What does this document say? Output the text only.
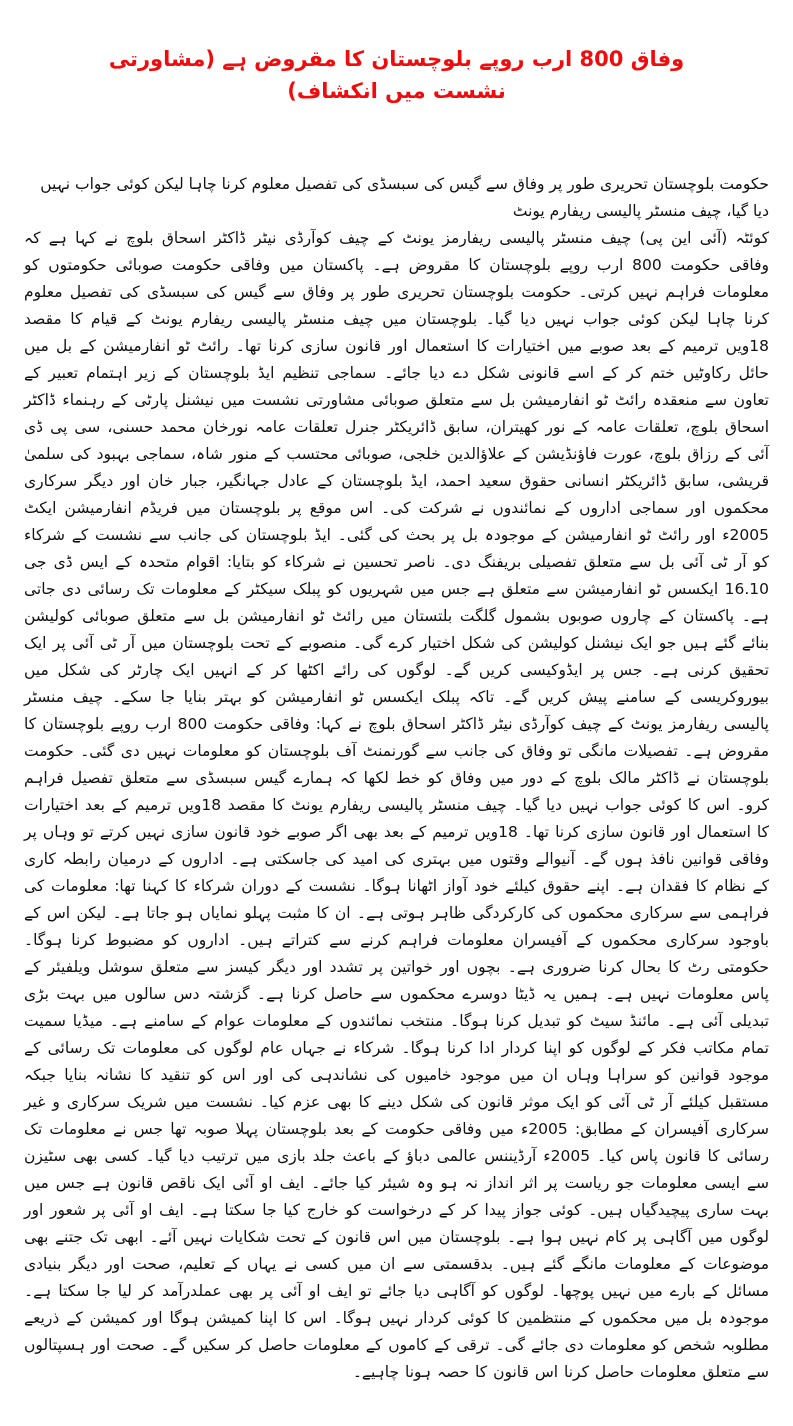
وفاق 800 ارب روپے بلوچستان کا مقروض ہے (مشاورتی نشست میں انکشاف)

حکومت بلوچستان تحریری طور پر وفاق سے گیس کی سبسڈی کی تفصیل معلوم کرنا چاہا لیکن کوئی جواب نہیں دیا گیا، چیف منسٹر پالیسی ریفارم یونٹ

کوئٹہ (آئی این پی) چیف منسٹر پالیسی ریفارمز یونٹ کے چیف کوآرڈی نیٹر ڈاکٹر اسحاق بلوچ نے کہا ہے کہ وفاقی حکومت 800 ارب روپے بلوچستان کا مقروض ہے۔ پاکستان میں وفاقی حکومت صوبائی حکومتوں کو معلومات فراہم نہیں کرتی۔ حکومت بلوچستان تحریری طور پر وفاق سے گیس کی سبسڈی کی تفصیل معلوم کرنا چاہا لیکن کوئی جواب نہیں دیا گیا۔ بلوچستان میں چیف منسٹر پالیسی ریفارم یونٹ کے قیام کا مقصد 18ویں ترمیم کے بعد صوبے میں اختیارات کا استعمال اور قانون سازی کرنا تھا۔ رائٹ ٹو انفارمیشن کے بل میں حائل رکاوٹیں ختم کر کے اسے قانونی شکل دے دیا جائے۔ سماجی تنظیم ایڈ بلوچستان کے زیر اہتمام تعبیر کے تعاون سے منعقدہ رائٹ ٹو انفارمیشن بل سے متعلق صوبائی مشاورتی نشست میں نیشنل پارٹی کے رہنماء ڈاکٹر اسحاق بلوچ، تعلقات عامہ کے نور کھیتران، سابق ڈائریکٹر جنرل تعلقات عامہ نورخان محمد حسنی، سی پی ڈی آئی کے رزاق بلوچ، عورت فاؤنڈیشن کے علاؤالدین خلجی، صوبائی محتسب کے منور شاہ، سماجی بہبود کی سلمیٰ قریشی، سابق ڈائریکٹر انسانی حقوق سعید احمد، ایڈ بلوچستان کے عادل جہانگیر، جبار خان اور دیگر سرکاری محکموں اور سماجی اداروں کے نمائندوں نے شرکت کی۔ اس موقع پر بلوچستان میں فریڈم انفارمیشن ایکٹ 2005ء اور رائٹ ٹو انفارمیشن کے موجودہ بل پر بحث کی گئی۔ ایڈ بلوچستان کی جانب سے نشست کے شرکاء کو آر ٹی آئی بل سے متعلق تفصیلی بریفنگ دی۔ ناصر تحسین نے شرکاء کو بتایا: اقوام متحدہ کے ایس ڈی جی 16.10 ایکسس ٹو انفارمیشن سے متعلق ہے جس میں شہریوں کو پبلک سیکٹر کے معلومات تک رسائی دی جاتی ہے۔ پاکستان کے چاروں صوبوں بشمول گلگت بلتستان میں رائٹ ٹو انفارمیشن بل سے متعلق صوبائی کولیشن بنائے گئے ہیں جو ایک نیشنل کولیشن کی شکل اختیار کرے گی۔ منصوبے کے تحت بلوچستان میں آر ٹی آئی پر ایک تحقیق کرنی ہے۔ جس پر ایڈوکیسی کریں گے۔ لوگوں کی رائے اکٹھا کر کے انہیں ایک چارٹر کی شکل میں بیوروکریسی کے سامنے پیش کریں گے۔ تاکہ پبلک ایکسس ٹو انفارمیشن کو بہتر بنایا جا سکے۔ چیف منسٹر پالیسی ریفارمز یونٹ کے چیف کوآرڈی نیٹر ڈاکٹر اسحاق بلوچ نے کہا: وفاقی حکومت 800 ارب روپے بلوچستان کا مقروض ہے۔ تفصیلات مانگی تو وفاق کی جانب سے گورنمنٹ آف بلوچستان کو معلومات نہیں دی گئی۔ حکومت بلوچستان نے ڈاکٹر مالک بلوچ کے دور میں وفاق کو خط لکھا کہ ہمارے گیس سبسڈی سے متعلق تفصیل فراہم کرو۔ اس کا کوئی جواب نہیں دیا گیا۔ چیف منسٹر پالیسی ریفارم یونٹ کا مقصد 18ویں ترمیم کے بعد اختیارات کا استعمال اور قانون سازی کرنا تھا۔ 18ویں ترمیم کے بعد بھی اگر صوبے خود قانون سازی نہیں کرتے تو وہاں پر وفاقی قوانین نافذ ہوں گے۔ آنیوالے وقتوں میں بہتری کی امید کی جاسکتی ہے۔ اداروں کے درمیان رابطہ کاری کے نظام کا فقدان ہے۔ اپنے حقوق کیلئے خود آواز اٹھانا ہوگا۔ نشست کے دوران شرکاء کا کہنا تھا: معلومات کی فراہمی سے سرکاری محکموں کی کارکردگی ظاہر ہوتی ہے۔ ان کا مثبت پہلو نمایاں ہو جاتا ہے۔ لیکن اس کے باوجود سرکاری محکموں کے آفیسران معلومات فراہم کرنے سے کتراتے ہیں۔ اداروں کو مضبوط کرنا ہوگا۔ حکومتی رٹ کا بحال کرنا ضروری ہے۔ بچوں اور خواتین پر تشدد اور دیگر کیسز سے متعلق سوشل ویلفیئر کے پاس معلومات نہیں ہے۔ ہمیں یہ ڈیٹا دوسرے محکموں سے حاصل کرنا ہے۔ گزشتہ دس سالوں میں بہت بڑی تبدیلی آئی ہے۔ مائنڈ سیٹ کو تبدیل کرنا ہوگا۔ منتخب نمائندوں کے معلومات عوام کے سامنے ہے۔ میڈیا سمیت تمام مکاتب فکر کے لوگوں کو اپنا کردار ادا کرنا ہوگا۔ شرکاء نے جہاں عام لوگوں کی معلومات تک رسائی کے موجود قوانین کو سراہا وہاں ان میں موجود خامیوں کی نشاندہی کی اور اس کو تنقید کا نشانہ بنایا جبکہ مستقبل کیلئے آر ٹی آئی کو ایک موثر قانون کی شکل دینے کا بھی عزم کیا۔ نشست میں شریک سرکاری و غیر سرکاری آفیسران کے مطابق: 2005ء میں وفاقی حکومت کے بعد بلوچستان پہلا صوبہ تھا جس نے معلومات تک رسائی کا قانون پاس کیا۔ 2005ء آرڈیننس عالمی دباؤ کے باعث جلد بازی میں ترتیب دیا گیا۔ کسی بھی سٹیزن سے ایسی معلومات جو ریاست پر اثر انداز نہ ہو وہ شیئر کیا جائے۔ ایف او آئی ایک ناقص قانون ہے جس میں بہت ساری پیچیدگیاں ہیں۔ کوئی جواز پیدا کر کے درخواست کو خارج کیا جا سکتا ہے۔ ایف او آئی پر شعور اور لوگوں میں آگاہی پر کام نہیں ہوا ہے۔ بلوچستان میں اس قانون کے تحت شکایات نہیں آئے۔ ابھی تک جتنے بھی موضوعات کے معلومات مانگے گئے ہیں۔ بدقسمتی سے ان میں کسی نے یہاں کے تعلیم، صحت اور دیگر بنیادی مسائل کے بارے میں نہیں پوچھا۔ لوگوں کو آگاہی دیا جائے تو ایف او آئی پر بھی عملدرآمد کر لیا جا سکتا ہے۔ موجودہ بل میں محکموں کے منتظمین کا کوئی کردار نہیں ہوگا۔ اس کا اپنا کمیشن ہوگا اور کمیشن کے ذریعے مطلوبہ شخص کو معلومات دی جائے گی۔ ترقی کے کاموں کے معلومات حاصل کر سکیں گے۔ صحت اور ہسپتالوں سے متعلق معلومات حاصل کرنا اس قانون کا حصہ ہونا چاہیے۔
